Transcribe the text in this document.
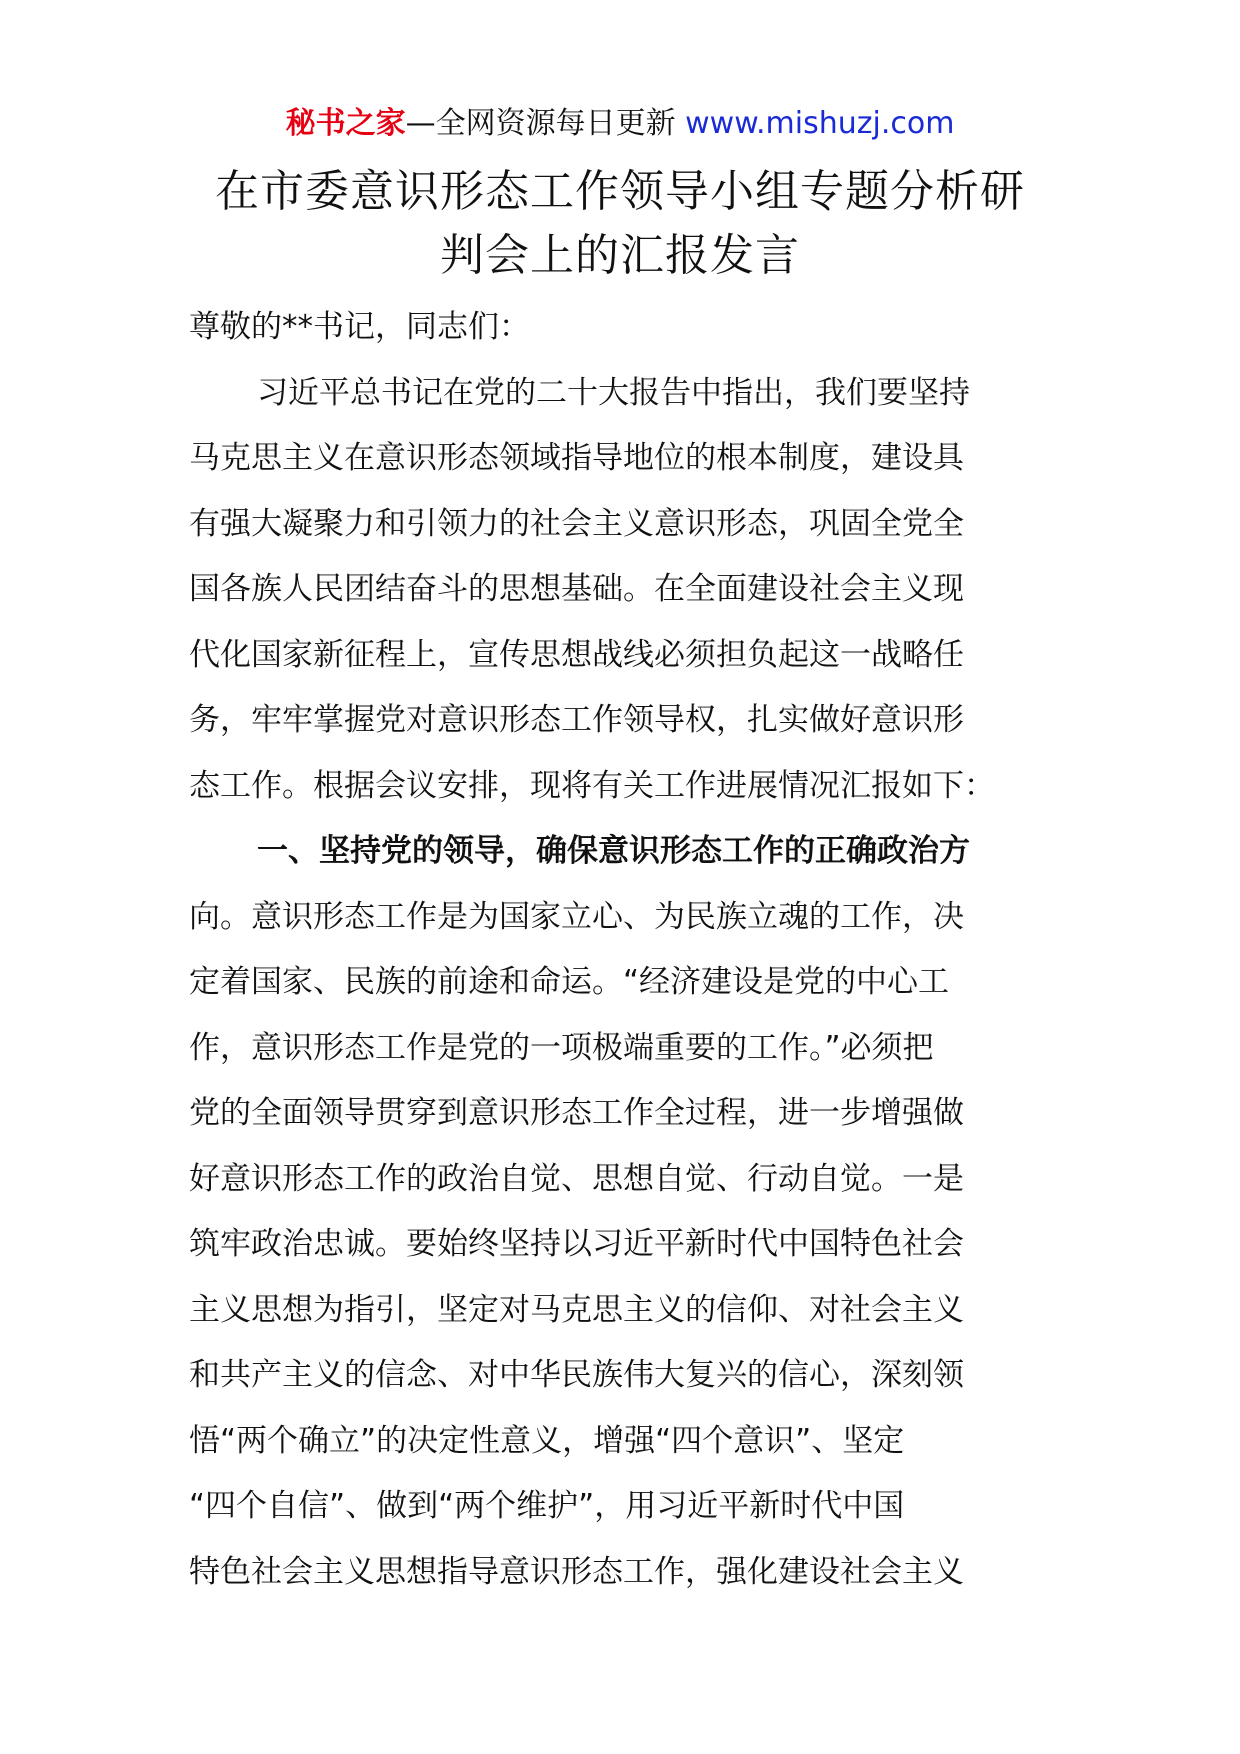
秘书之家—全网资源每日更新 www.mishuzj.com
在市委意识形态工作领导小组专题分析研
判会上的汇报发言
尊敬的**书记，同志们：
习近平总书记在党的二十大报告中指出，我们要坚持
马克思主义在意识形态领域指导地位的根本制度，建设具
有强大凝聚力和引领力的社会主义意识形态，巩固全党全
国各族人民团结奋斗的思想基础。在全面建设社会主义现
代化国家新征程上，宣传思想战线必须担负起这一战略任
务，牢牢掌握党对意识形态工作领导权，扎实做好意识形
态工作。根据会议安排，现将有关工作进展情况汇报如下：
一、坚持党的领导，确保意识形态工作的正确政治方
向。意识形态工作是为国家立心、为民族立魂的工作，决
定着国家、民族的前途和命运。“经济建设是党的中心工
作，意识形态工作是党的一项极端重要的工作。”必须把
党的全面领导贯穿到意识形态工作全过程，进一步增强做
好意识形态工作的政治自觉、思想自觉、行动自觉。一是
筑牢政治忠诚。要始终坚持以习近平新时代中国特色社会
主义思想为指引，坚定对马克思主义的信仰、对社会主义
和共产主义的信念、对中华民族伟大复兴的信心，深刻领
悟“两个确立”的决定性意义，增强“四个意识”、坚定
“四个自信”、做到“两个维护”，用习近平新时代中国
特色社会主义思想指导意识形态工作，强化建设社会主义
